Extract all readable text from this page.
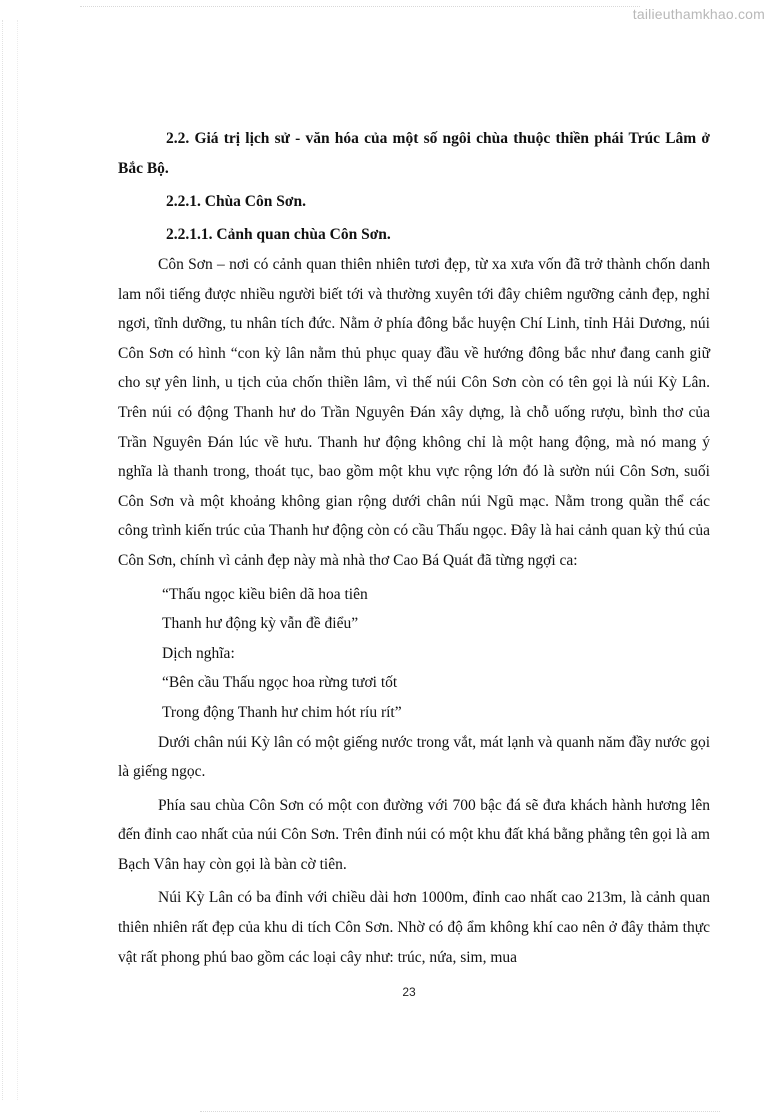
tailieuthamkhao.com

2.2. Giá trị lịch sử - văn hóa của một số ngôi chùa thuộc thiền phái Trúc Lâm ở Bắc Bộ.

2.2.1. Chùa Côn Sơn.

2.2.1.1. Cảnh quan chùa Côn Sơn.

Côn Sơn – nơi có cảnh quan thiên nhiên tươi đẹp, từ xa xưa vốn đã trở thành chốn danh lam nổi tiếng được nhiều người biết tới và thường xuyên tới đây chiêm ngưỡng cảnh đẹp, nghỉ ngơi, tĩnh dưỡng, tu nhân tích đức. Nằm ở phía đông bắc huyện Chí Linh, tỉnh Hải Dương, núi Côn Sơn có hình “con kỳ lân nằm thủ phục quay đầu về hướng đông bắc như đang canh giữ cho sự yên linh, u tịch của chốn thiền lâm, vì thế núi Côn Sơn còn có tên gọi là núi Kỳ Lân. Trên núi có động Thanh hư do Trần Nguyên Đán xây dựng, là chỗ uống rượu, bình thơ của Trần Nguyên Đán lúc về hưu. Thanh hư động không chỉ là một hang động, mà nó mang ý nghĩa là thanh trong, thoát tục, bao gồm một khu vực rộng lớn đó là sườn núi Côn Sơn, suối Côn Sơn và một khoảng không gian rộng dưới chân núi Ngũ mạc. Nằm trong quần thể các công trình kiến trúc của Thanh hư động còn có cầu Thấu ngọc. Đây là hai cảnh quan kỳ thú của Côn Sơn, chính vì cảnh đẹp này mà nhà thơ Cao Bá Quát đã từng ngợi ca:

“Thấu ngọc kiều biên dã hoa tiên

Thanh hư động kỳ vẫn đề điểu”

Dịch nghĩa:

“Bên cầu Thấu ngọc hoa rừng tươi tốt

Trong động Thanh hư chim hót ríu rít”

Dưới chân núi Kỳ lân có một giếng nước trong vắt, mát lạnh và quanh năm đầy nước gọi là giếng ngọc.

Phía sau chùa Côn Sơn có một con đường với 700 bậc đá sẽ đưa khách hành hương lên đến đỉnh cao nhất của núi Côn Sơn. Trên đỉnh núi có một khu đất khá bằng phẳng tên gọi là am Bạch Vân hay còn gọi là bàn cờ tiên.

Núi Kỳ Lân có ba đỉnh với chiều dài hơn 1000m, đỉnh cao nhất cao 213m, là cảnh quan thiên nhiên rất đẹp của khu di tích Côn Sơn. Nhờ có độ ẩm không khí cao nên ở đây thảm thực vật rất phong phú bao gồm các loại cây như: trúc, nứa, sim, mua

23
